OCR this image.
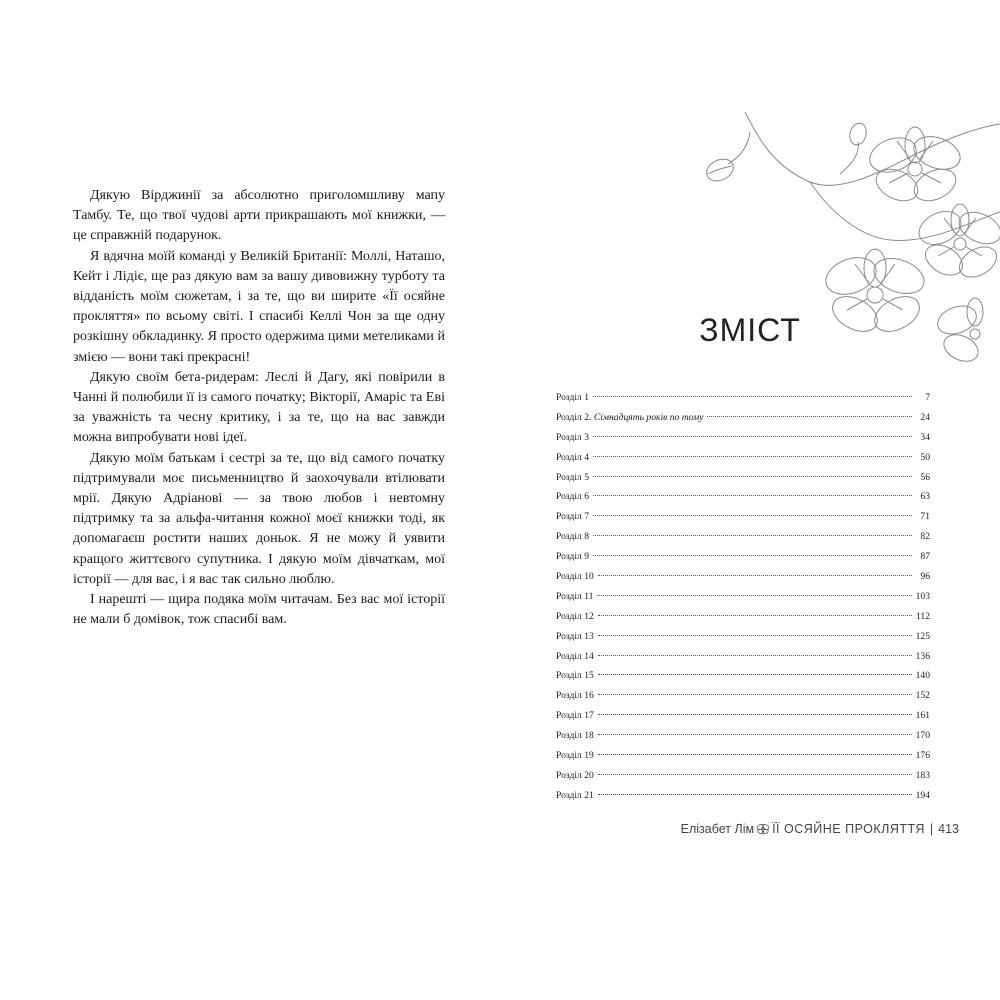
Дякую Вірджинії за абсолютно приголомшливу мапу Тамбу. Те, що твої чудові арти прикрашають мої книжки, — це справжній подарунок.

Я вдячна моїй команді у Великій Британії: Моллі, Наташо, Кейт і Лідіє, ще раз дякую вам за вашу дивовижну турботу та відданість моїм сюжетам, і за те, що ви ширите «Її осяйне прокляття» по всьому світі. І спасибі Келлі Чон за ще одну розкішну обкладинку. Я просто одержима цими метеликами й змією — вони такі прекрасні!

Дякую своїм бета-ридерам: Леслі й Дагу, які повірили в Чанні й полюбили її із самого початку; Вікторії, Амаріс та Еві за уважність та чесну критику, і за те, що на вас завжди можна випробувати нові ідеї.

Дякую моїм батькам і сестрі за те, що від самого початку підтримували моє письменництво й заохочували втілювати мрії. Дякую Адріанові — за твою любов і невтомну підтримку та за альфа-читання кожної моєї книжки тоді, як допомагаєш ростити наших доньок. Я не можу й уявити кращого життєвого супутника. І дякую моїм дівчаткам, мої історії — для вас, і я вас так сильно люблю.

І нарешті — щира подяка моїм читачам. Без вас мої історії не мали б домівок, тож спасибі вам.

ЗМІСТ
Розділ 1	7
Розділ 2. Сімнадцять років по тому	24
Розділ 3	34
Розділ 4	50
Розділ 5	56
Розділ 6	63
Розділ 7	71
Розділ 8	82
Розділ 9	87
Розділ 10	96
Розділ 11	103
Розділ 12	112
Розділ 13	125
Розділ 14	136
Розділ 15	140
Розділ 16	152
Розділ 17	161
Розділ 18	170
Розділ 19	176
Розділ 20	183
Розділ 21	194
Елізабет Лім ЇЇ ОСЯЙНЕ ПРОКЛЯТТЯ | 413
